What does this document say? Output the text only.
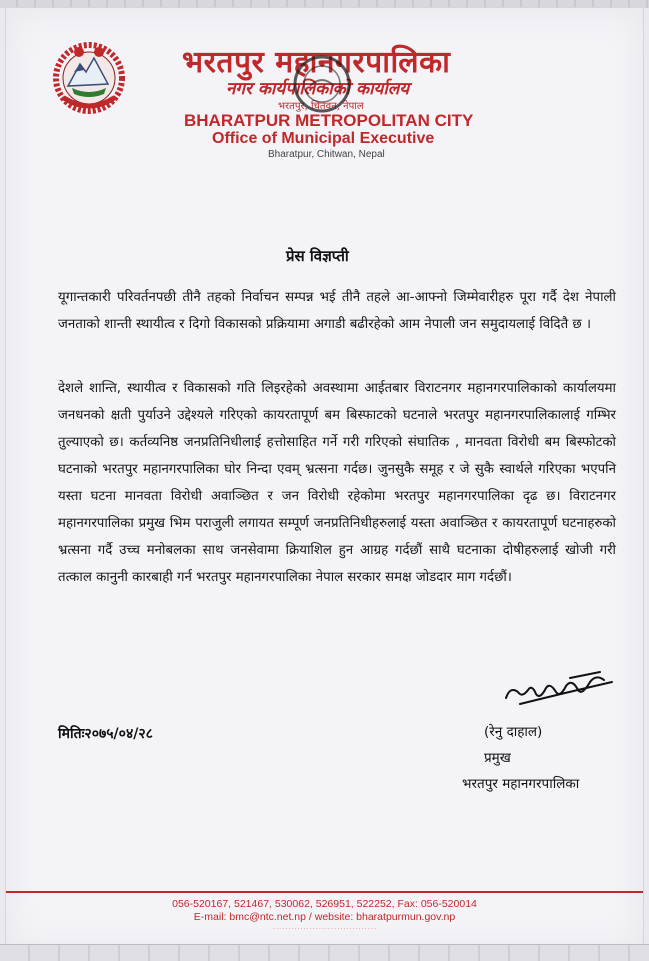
भरतपुर महानगरपालिका
नगर कार्यपालिकाको कार्यालय
भरतपुर, चितवन, नेपाल
BHARATPUR METROPOLITAN CITY
Office of Municipal Executive
Bharatpur, Chitwan, Nepal
प्रेस विज्ञप्ती
यूगान्तकारी परिवर्तनपछी तीनै तहको निर्वाचन सम्पन्न भई तीनै तहले आ-आफ्नो जिम्मेवारीहरु पूरा गर्दै देश नेपाली जनताको शान्ती स्थायीत्व र दिगो विकासको प्रक्रियामा अगाडी बढीरहेको आम नेपाली जन समुदायलाई विदितै छ ।
देशले शान्ति, स्थायीत्व र विकासको गति लिइरहेको अवस्थामा आईतबार विराटनगर महानगरपालिकाको कार्यालयमा जनधनको क्षती पुर्याउने उद्देश्यले गरिएको कायरतापूर्ण बम बिस्फाटको घटनाले भरतपुर महानगरपालिकालाई गम्भिर तुल्याएको छ। कर्तव्यनिष्ठ जनप्रतिनिधीलाई हत्तोसाहित गर्ने गरी गरिएको संघातिक , मानवता विरोधी बम बिस्फोटको घटनाको भरतपुर महानगरपालिका घोर निन्दा एवम् भ्रत्सना गर्दछ। जुनसुकै समूह र जे सुकै स्वार्थले गरिएका भएपनि यस्ता घटना मानवता विरोधी अवाञ्छित र जन विरोधी रहेकोमा भरतपुर महानगरपालिका दृढ छ। विराटनगर महानगरपालिका प्रमुख भिम पराजुली लगायत सम्पूर्ण जनप्रतिनिधीहरुलाई यस्ता अवाञ्छित र कायरतापूर्ण घटनाहरुको भ्रत्सना गर्दै उच्च मनोबलका साथ जनसेवामा क्रियाशिल हुन आग्रह गर्दछौं साथै घटनाका दोषीहरुलाई खोजी गरी तत्काल कानुनी कारबाही गर्न भरतपुर महानगरपालिका नेपाल सरकार समक्ष जोडदार माग गर्दछौं।
मितिः२०७५/०४/२८	(रेनु दाहाल)
प्रमुख
भरतपुर महानगरपालिका
056-520167, 521467, 530062, 526951, 522252, Fax: 056-520014
E-mail: bmc@ntc.net.np / website: bharatpurmun.gov.np
. . . . . . . . . . . . . . . . . . . . . . . . . . . . . . . . . .
